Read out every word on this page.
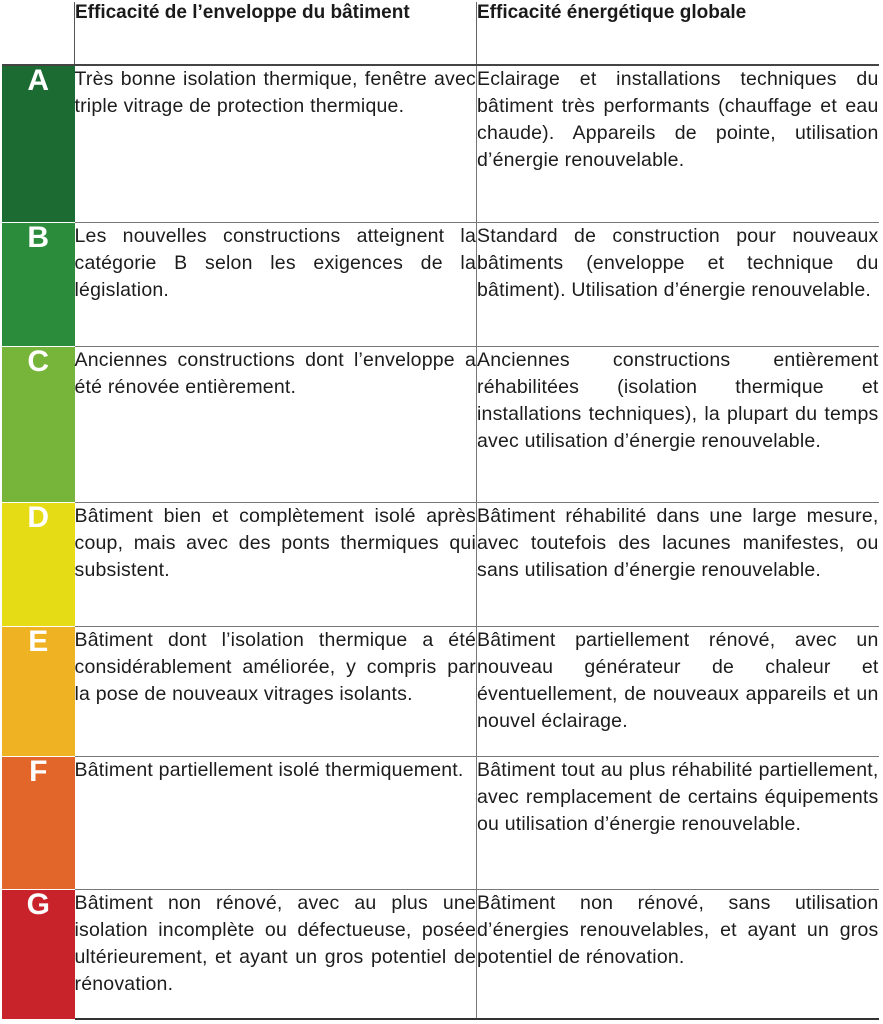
	Efficacité de l’enveloppe du bâtiment	Efficacité énergétique globale
A	Très bonne isolation thermique, fenêtre avec triple vitrage de protection thermique.	Eclairage et installations techniques du bâtiment très performants (chauffage et eau chaude). Appareils de pointe, utilisation d’énergie renouvelable.
B	Les nouvelles constructions atteignent la catégorie B selon les exigences de la législation.	Standard de construction pour nouveaux bâtiments (enveloppe et technique du bâtiment). Utilisation d’énergie renouvelable.
C	Anciennes constructions dont l’enveloppe a été rénovée entièrement.	Anciennes constructions entièrement réhabilitées (isolation thermique et installations techniques), la plupart du temps avec utilisation d’énergie renouvelable.
D	Bâtiment bien et complètement isolé après coup, mais avec des ponts thermiques qui subsistent.	Bâtiment réhabilité dans une large mesure, avec toutefois des lacunes manifestes, ou sans utilisation d’énergie renouvelable.
E	Bâtiment dont l’isolation thermique a été considérablement améliorée, y compris par la pose de nouveaux vitrages isolants.	Bâtiment partiellement rénové, avec un nouveau générateur de chaleur et éventuellement, de nouveaux appareils et un nouvel éclairage.
F	Bâtiment partiellement isolé thermiquement.	Bâtiment tout au plus réhabilité partiellement, avec remplacement de certains équipements ou utilisation d’énergie renouvelable.
G	Bâtiment non rénové, avec au plus une isolation incomplète ou défectueuse, posée ultérieurement, et ayant un gros potentiel de rénovation.	Bâtiment non rénové, sans utilisation d’énergies renouvelables, et ayant un gros potentiel de rénovation.
